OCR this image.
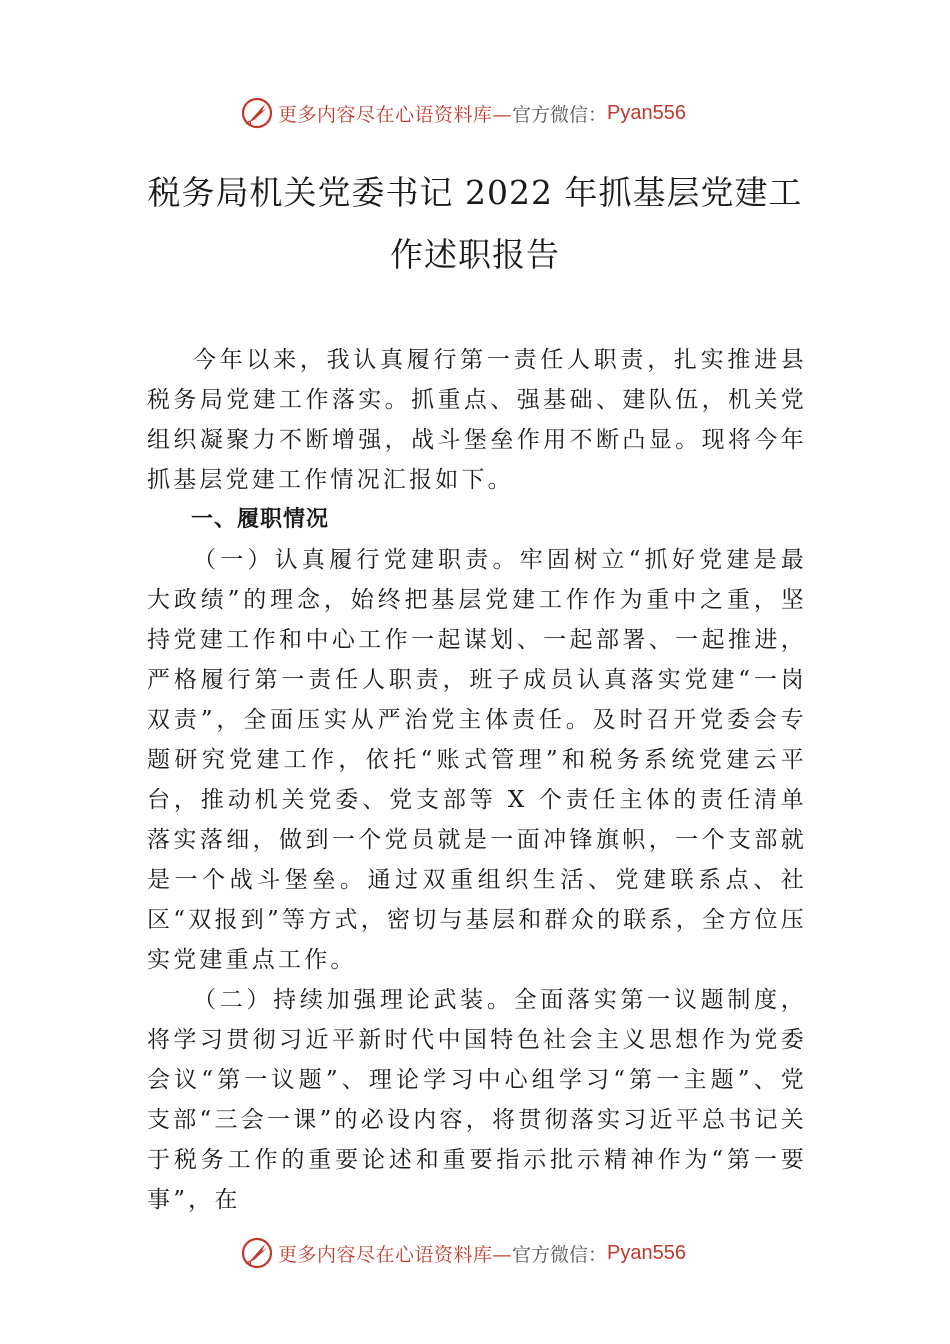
更多内容尽在心语资料库— 官方微信： Pyan556
税务局机关党委书记 2022 年抓基层党建工
作述职报告

今年以来，我认真履行第一责任人职责，扎实推进县税务局党建工作落实。抓重点、强基础、建队伍，机关党组织凝聚力不断增强，战斗堡垒作用不断凸显。现将今年抓基层党建工作情况汇报如下。

一、履职情况

（一）认真履行党建职责。牢固树立“抓好党建是最大政绩”的理念，始终把基层党建工作作为重中之重，坚持党建工作和中心工作一起谋划、一起部署、一起推进，严格履行第一责任人职责，班子成员认真落实党建“一岗双责”，全面压实从严治党主体责任。及时召开党委会专题研究党建工作，依托“账式管理”和税务系统党建云平台，推动机关党委、党支部等 X 个责任主体的责任清单落实落细，做到一个党员就是一面冲锋旗帜，一个支部就是一个战斗堡垒。通过双重组织生活、党建联系点、社区“双报到”等方式，密切与基层和群众的联系，全方位压实党建重点工作。

（二）持续加强理论武装。全面落实第一议题制度，将学习贯彻习近平新时代中国特色社会主义思想作为党委会议“第一议题”、理论学习中心组学习“第一主题”、党支部“三会一课”的必设内容，将贯彻落实习近平总书记关于税务工作的重要论述和重要指示批示精神作为“第一要事”，在

更多内容尽在心语资料库— 官方微信： Pyan556
